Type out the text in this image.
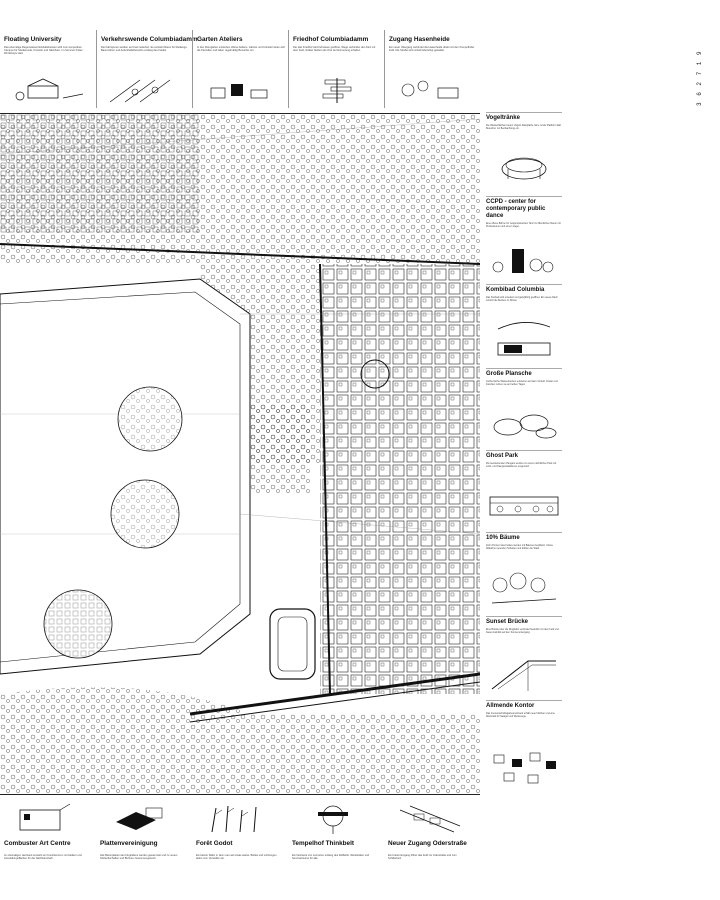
3 6 2 7 1 9
Floating University
Das ehemalige Regenwasserrückhaltebecken wird zum temporären Campus für Studierende, Künstler und Nachbarn. Im Sommer finden Workshops statt.
Verkehrswende Columbiadamm
Die Fahrspuren werden auf zwei reduziert. Es entsteht Raum für Radwege, Baumreihen und Aufenthaltsbereiche entlang des Feldes.
Garten Ateliers
In den Kleingärten entstehen offene Ateliers. Gärtner und Künstler teilen sich die Parzellen und laden regelmäßig Besucher ein.
Friedhof Columbiadamm
Der alte Friedhof wird behutsam geöffnet. Wege verbinden den Kiez mit dem Feld, Gräber bleiben als Orte der Erinnerung erhalten.
Zugang Hasenheide
Ein neuer Übergang verbindet die Hasenheide direkt mit dem Tempelhofer Feld. Die Straße wird verkehrsberuhigt gestaltet.
Vogeltränke
Die Wasserflächen bieten Vögeln Rastplätze. Eine runde Plattform lädt Besucher zur Beobachtung ein.
CCPD - center for contemporary public dance
Eine offene Bühne für zeitgenössischen Tanz im öffentlichen Raum mit Proberäumen und einem Lager.
Kombibad Columbia
Das Freibad wird erweitert und ganzjährig geöffnet. Ein neues Dach schützt die Becken im Winter.
Große Plansche
Große flache Wasserbecken entstehen auf dem Vorfeld. Kinder und Familien nutzen sie an heißen Tagen.
Ghost Park
Die leerstehenden Hangars werden zu einem nächtlichen Park mit Licht- und Klanginstallationen umgenutzt.
10% Bäume
Zehn Prozent des Feldes werden mit Bäumen bepflanzt. Kleine Wäldchen spenden Schatten und kühlen die Stadt.
Sunset Brücke
Eine Brücke über die Ringbahn verbindet Neukölln mit dem Feld und bietet Ausblick auf den Sonnenuntergang.
Allmende Kontor
Das Gemeinschaftsgartennetzwerk erhält neue Flächen und eine Werkstatt für Saatgut und Werkzeuge.
Combuster Art Centre
Im ehemaligen Heizwerk entsteht ein Kunstzentrum mit Ateliers und Ausstellungsflächen für die Nachbarschaft.
Plattenvereinigung
Alte Betonplatten des Flughafens werden gesammelt und zu neuen Sitzlandschaften und Bühnen zusammengesetzt.
Forêt Godot
Ein kleiner Wald, in dem man auf etwas wartet. Bänke und Lichtungen laden zum Verweilen ein.
Tempelhof Thinkbelt
Ein Netzwerk von Lernorten entlang des Rollfelds. Werkstätten und Seminarräume für alle.
Neuer Zugang Oderstraße
Ein breiter Eingang öffnet das Feld zur Oderstraße und zum Schillerkiez.
